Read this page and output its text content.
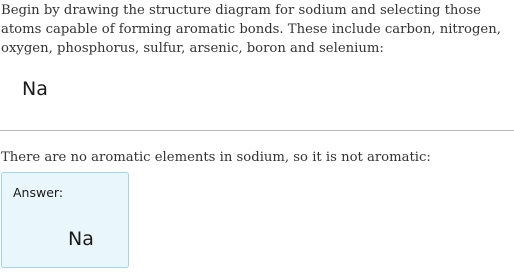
Begin by drawing the structure diagram for sodium and selecting those atoms capable of forming aromatic bonds. These include carbon, nitrogen, oxygen, phosphorus, sulfur, arsenic, boron and selenium:

Na

There are no aromatic elements in sodium, so it is not aromatic:

Answer:
Na
